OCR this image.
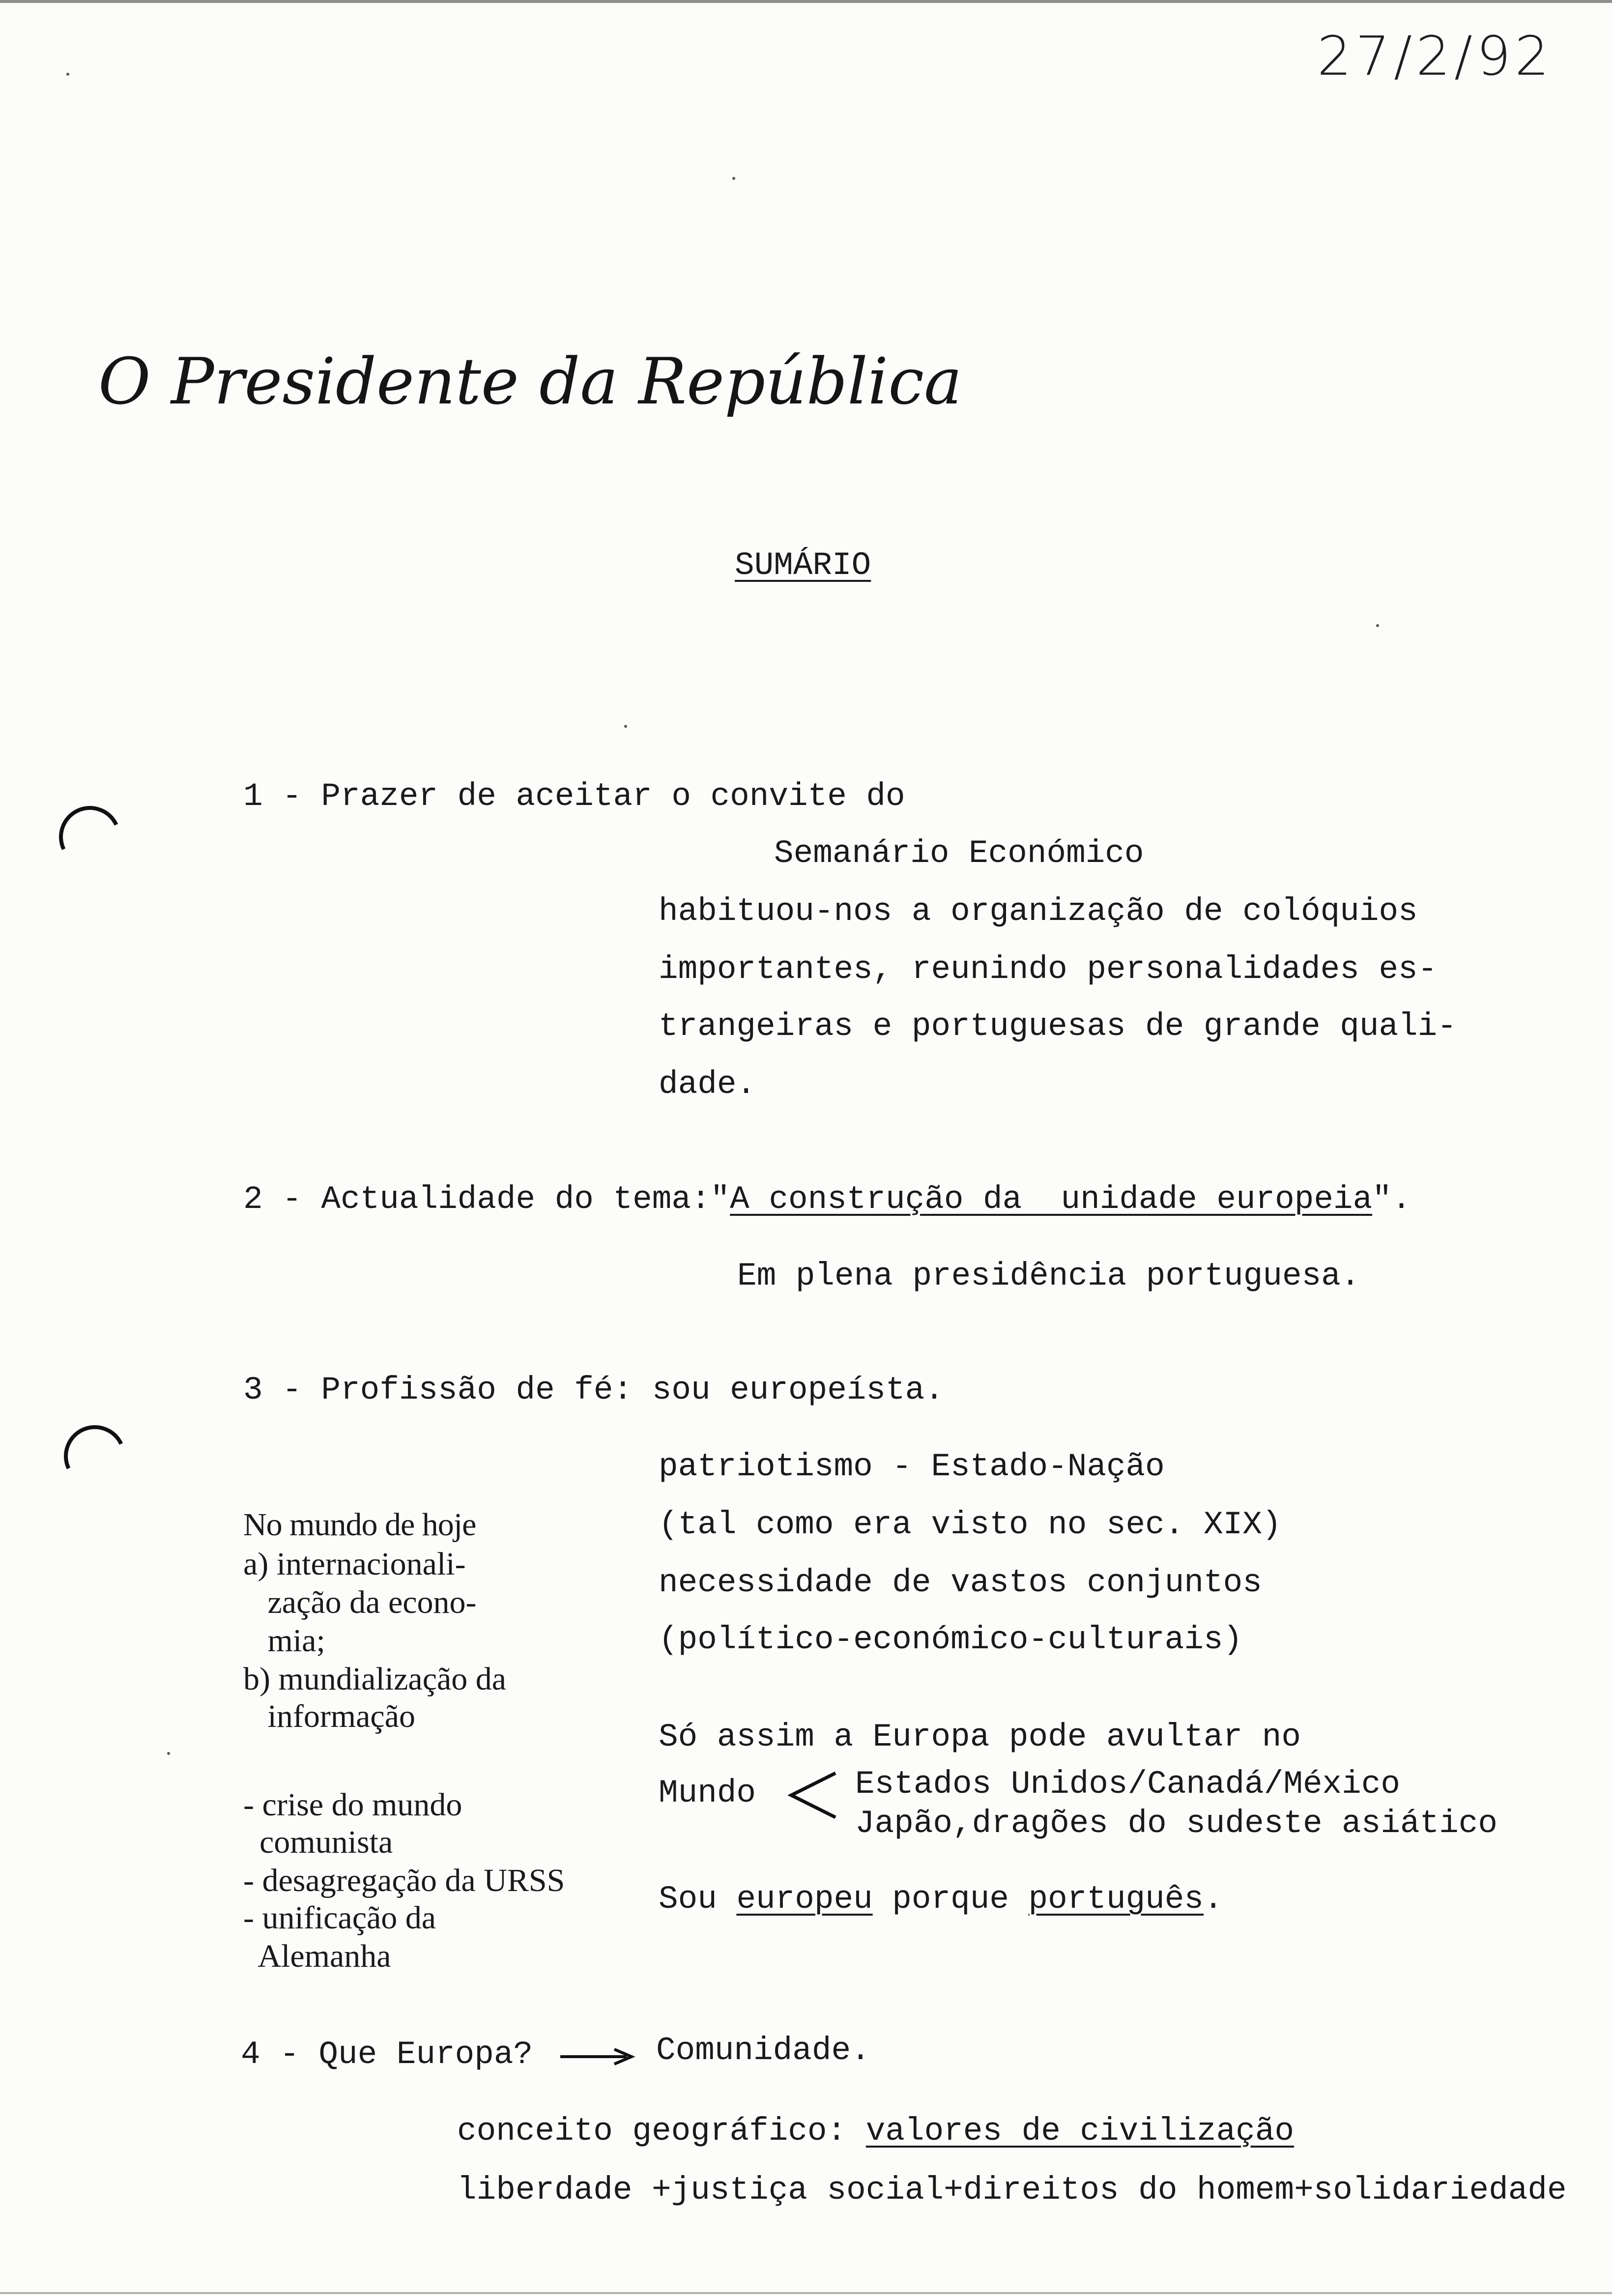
27/2/92
O Presidente da República
SUMÁRIO
1 - Prazer de aceitar o convite do
Semanário Económico
habituou-nos a organização de colóquios
importantes, reunindo personalidades es-
trangeiras e portuguesas de grande quali-
dade.
2 - Actualidade do tema:"A construção da  unidade europeia".
Em plena presidência portuguesa.
3 - Profissão de fé: sou europeísta.
patriotismo - Estado-Nação
(tal como era visto no sec. XIX)
necessidade de vastos conjuntos
(político-económico-culturais)
No mundo de hoje
a) internacionali-
zação da econo-
mia;
b) mundialização da
informação
- crise do mundo
comunista
- desagregação da URSS
- unificação da
Alemanha
Só assim a Europa pode avultar no
Mundo	Estados Unidos/Canadá/México
Japão,dragões do sudeste asiático
Sou europeu porque português.
4 - Que Europa?	Comunidade.
conceito geográfico: valores de civilização
liberdade +justiça social+direitos do homem+solidariedade
